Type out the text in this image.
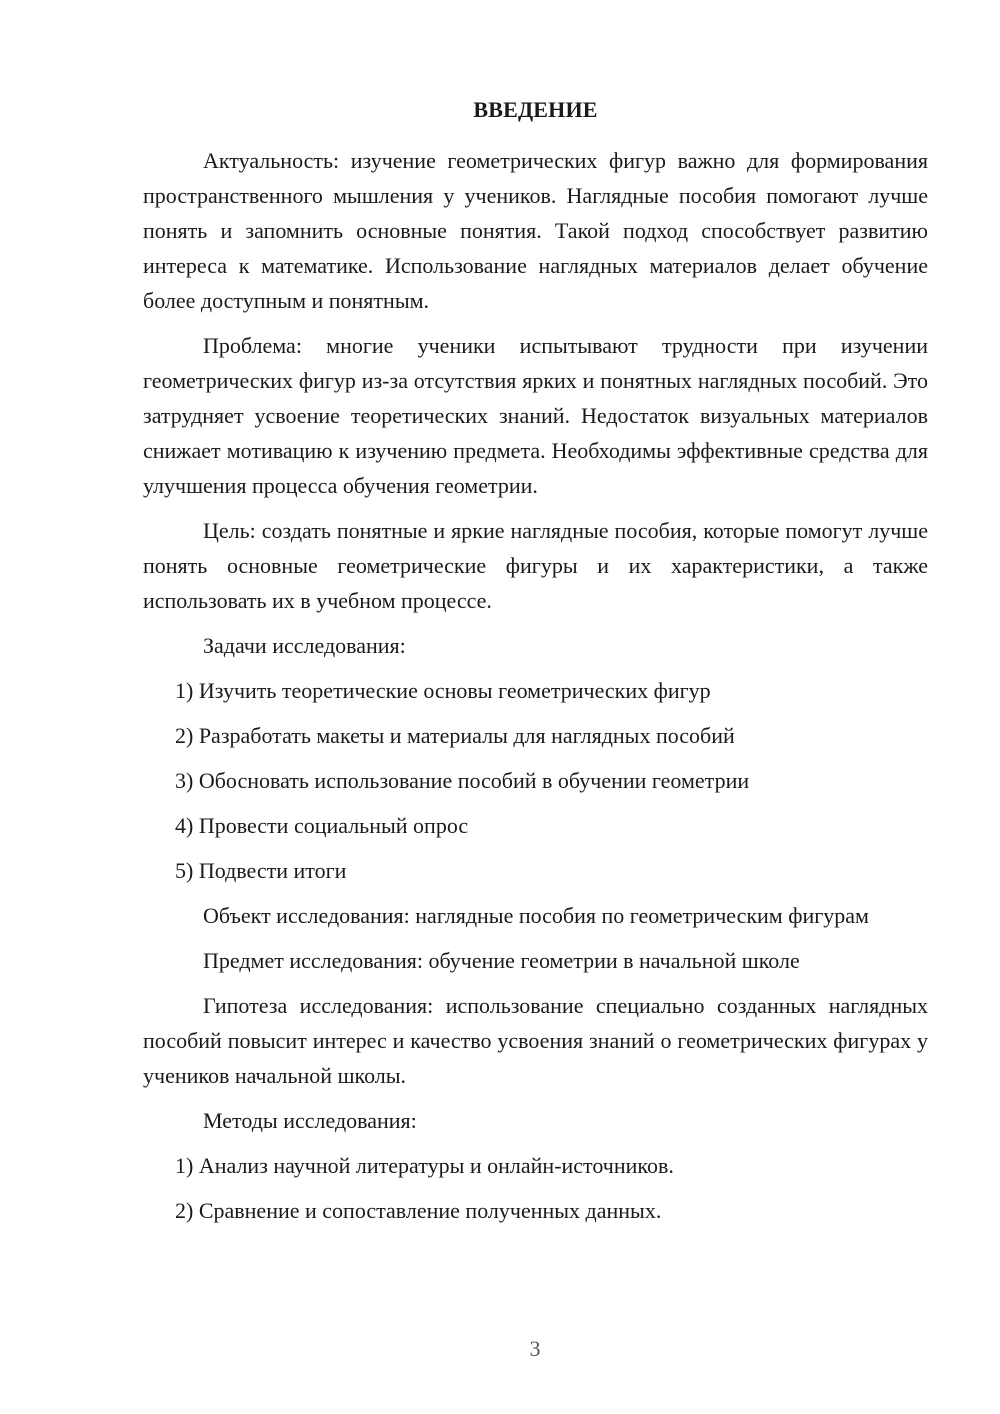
ВВЕДЕНИЕ

Актуальность: изучение геометрических фигур важно для формирования пространственного мышления у учеников. Наглядные пособия помогают лучше понять и запомнить основные понятия. Такой подход способствует развитию интереса к математике. Использование наглядных материалов делает обучение более доступным и понятным.

Проблема: многие ученики испытывают трудности при изучении геометрических фигур из-за отсутствия ярких и понятных наглядных пособий. Это затрудняет усвоение теоретических знаний. Недостаток визуальных материалов снижает мотивацию к изучению предмета. Необходимы эффективные средства для улучшения процесса обучения геометрии.

Цель: создать понятные и яркие наглядные пособия, которые помогут лучше понять основные геометрические фигуры и их характеристики, а также использовать их в учебном процессе.

Задачи исследования:

1) Изучить теоретические основы геометрических фигур

2) Разработать макеты и материалы для наглядных пособий

3) Обосновать использование пособий в обучении геометрии

4) Провести социальный опрос

5) Подвести итоги

Объект исследования: наглядные пособия по геометрическим фигурам

Предмет исследования: обучение геометрии в начальной школе

Гипотеза исследования: использование специально созданных наглядных пособий повысит интерес и качество усвоения знаний о геометрических фигурах у учеников начальной школы.

Методы исследования:

1) Анализ научной литературы и онлайн-источников.

2) Сравнение и сопоставление полученных данных.

3
